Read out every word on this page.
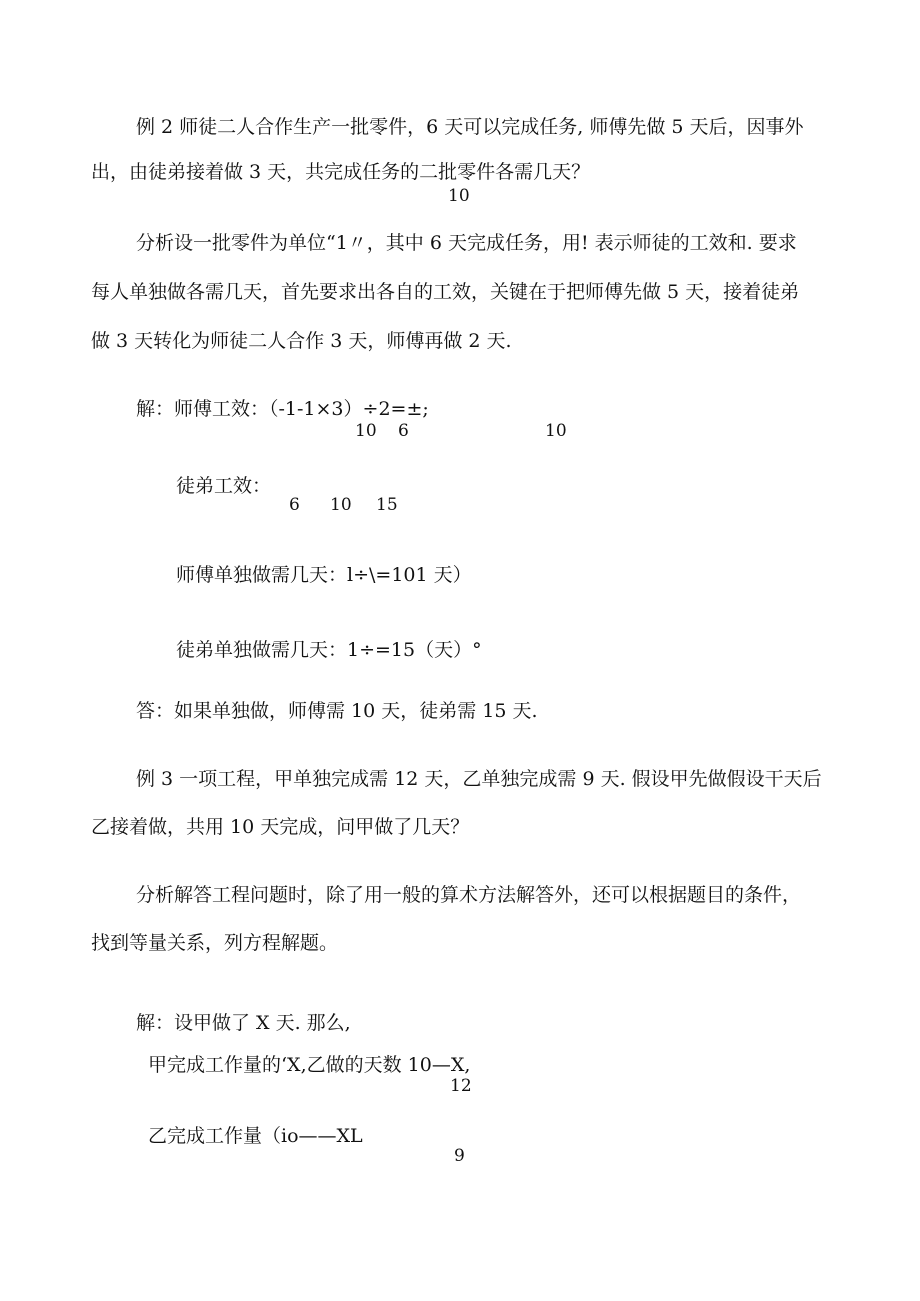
例 2 师徒二人合作生产一批零件，6 天可以完成任务, 师傅先做 5 天后，因事外
出，由徒弟接着做 3 天，共完成任务的二批零件各需几天？
10
分析设一批零件为单位“1〃，其中 6 天完成任务，用! 表示师徒的工效和. 要求
每人单独做各需几天，首先要求出各自的工效，关键在于把师傅先做 5 天，接着徒弟
做 3 天转化为师徒二人合作 3 天，师傅再做 2 天.
解：师傅工效：（-1-1×3）÷2=±;
10 6	10
徒弟工效：
6 10 15
师傅单独做需几天：l÷\=101 天）
徒弟单独做需几天：1÷=15（天）°
答：如果单独做，师傅需 10 天，徒弟需 15 天.
例 3 一项工程，甲单独完成需 12 天，乙单独完成需 9 天. 假设甲先做假设干天后
乙接着做，共用 10 天完成，问甲做了几天？
分析解答工程问题时，除了用一般的算术方法解答外，还可以根据题目的条件，
找到等量关系，列方程解题。
解：设甲做了 X 天. 那么,
甲完成工作量的‘X,乙做的天数 10—X,
12
乙完成工作量（io——XL
9
